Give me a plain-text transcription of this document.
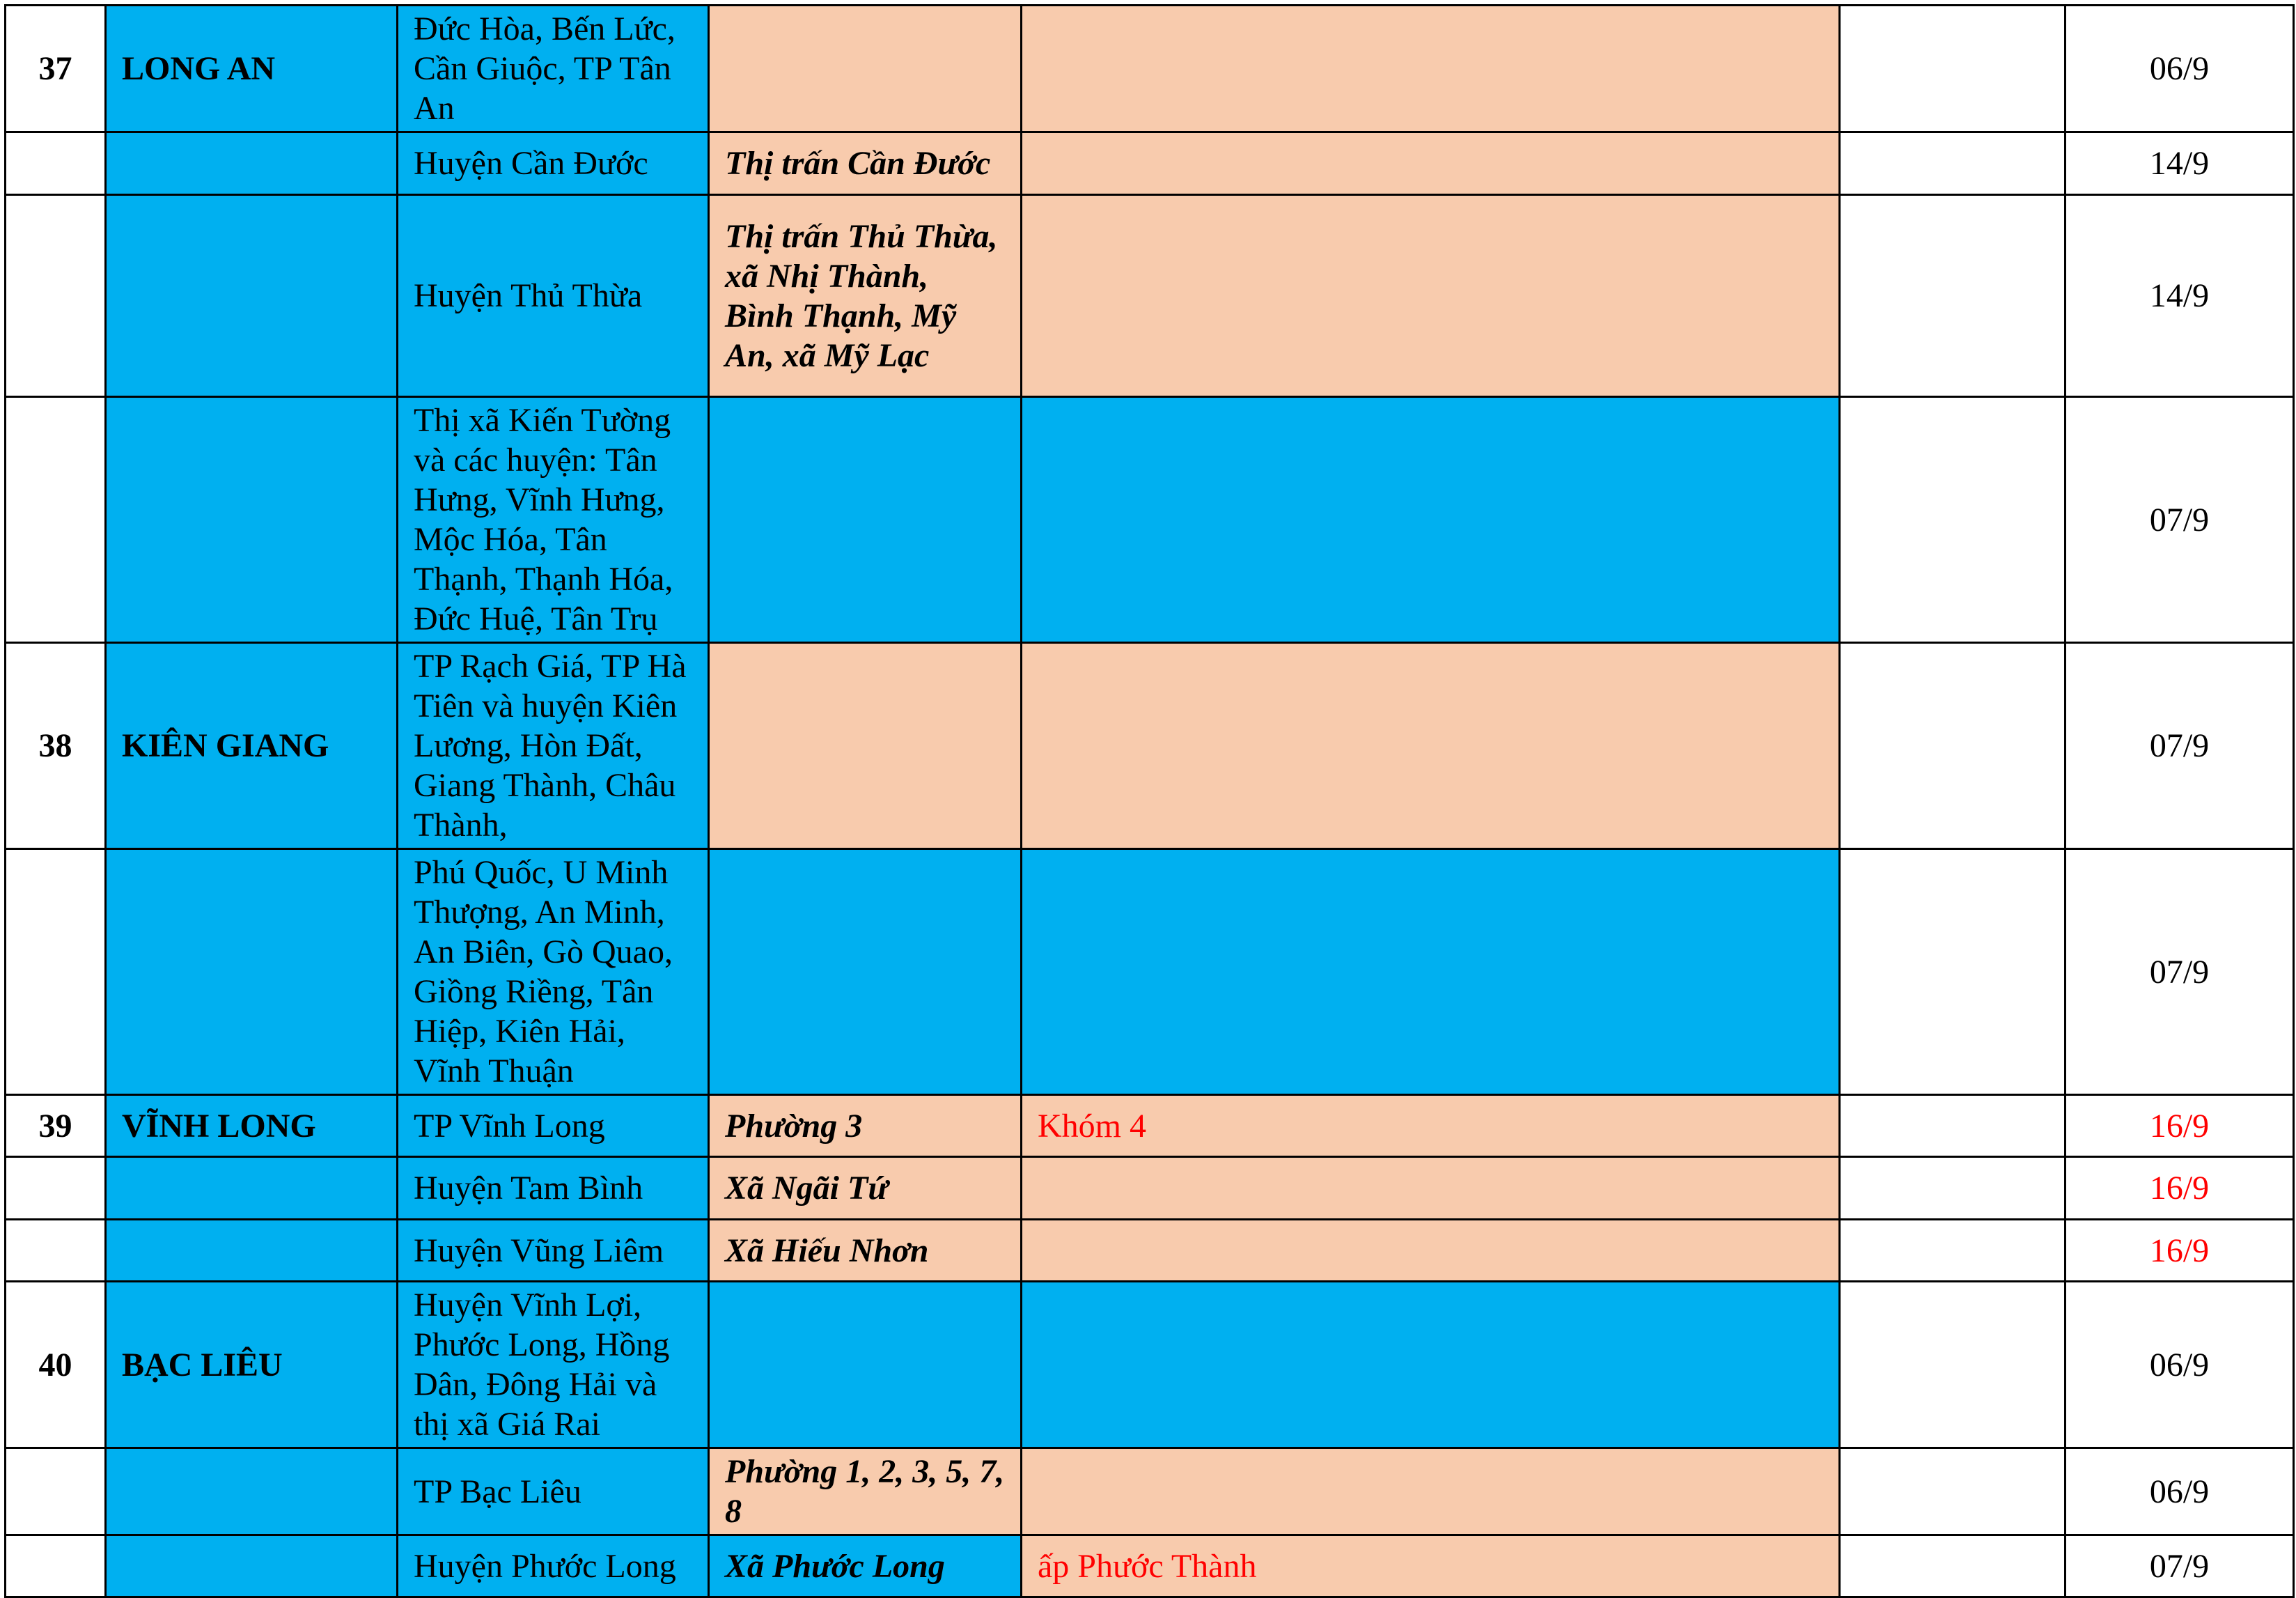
37	LONG AN	Đức Hòa, Bến Lức, Cần Giuộc, TP Tân An				06/9
		Huyện Cần Đước	Thị trấn Cần Đước			14/9
		Huyện Thủ Thừa	Thị trấn Thủ Thừa, xã Nhị Thành, Bình Thạnh, Mỹ An, xã Mỹ Lạc			14/9
		Thị xã Kiến Tường và các huyện: Tân Hưng, Vĩnh Hưng, Mộc Hóa, Tân Thạnh, Thạnh Hóa, Đức Huệ, Tân Trụ				07/9
38	KIÊN GIANG	TP Rạch Giá, TP Hà Tiên và huyện Kiên Lương, Hòn Đất, Giang Thành, Châu Thành,				07/9
		Phú Quốc, U Minh Thượng, An Minh, An Biên, Gò Quao, Giồng Riềng, Tân Hiệp, Kiên Hải, Vĩnh Thuận				07/9
39	VĨNH LONG	TP Vĩnh Long	Phường 3	Khóm 4		16/9
		Huyện Tam Bình	Xã Ngãi Tứ			16/9
		Huyện Vũng Liêm	Xã Hiếu Nhơn			16/9
40	BẠC LIÊU	Huyện Vĩnh Lợi, Phước Long, Hồng Dân, Đông Hải và thị xã Giá Rai				06/9
		TP Bạc Liêu	Phường 1, 2, 3, 5, 7, 8			06/9
		Huyện Phước Long	Xã Phước Long	ấp Phước Thành		07/9
